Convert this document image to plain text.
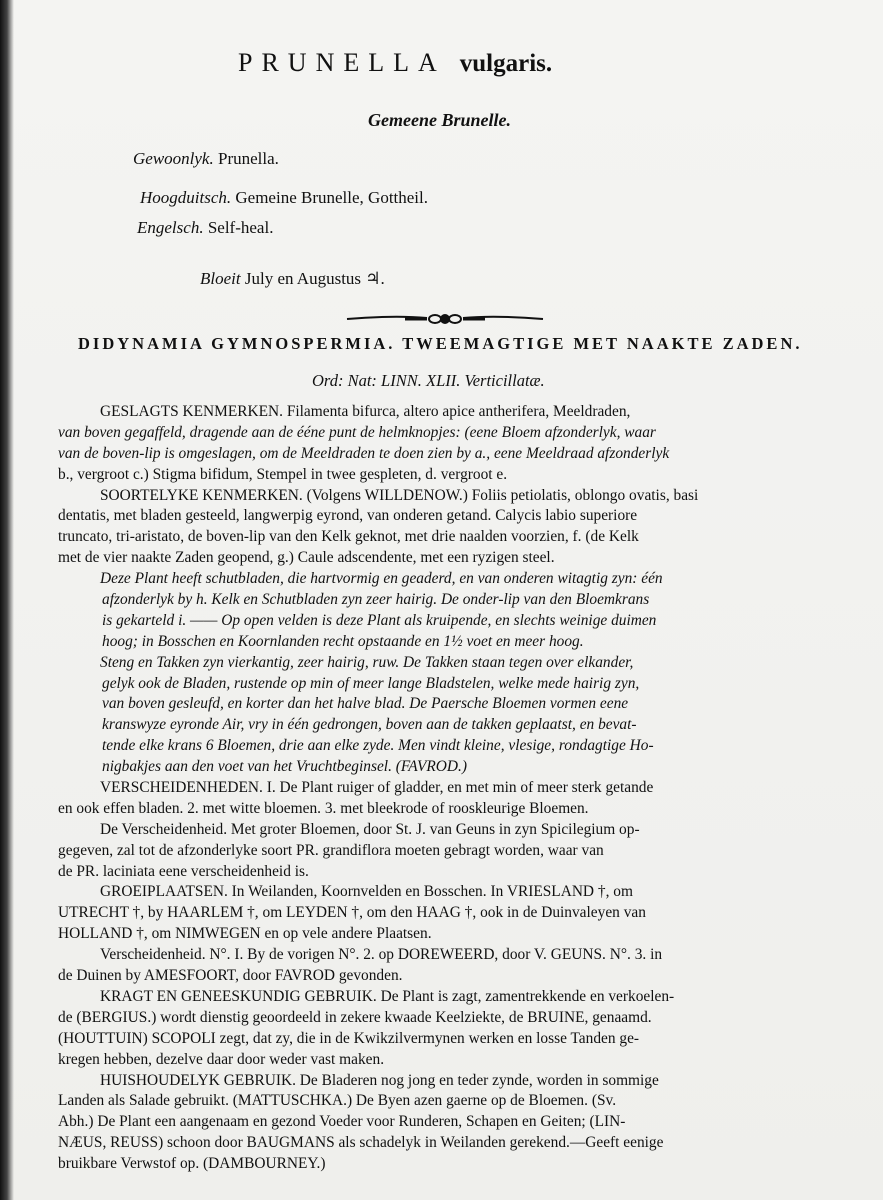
PRUNELLA vulgaris.
Gemeene Brunelle.
Gewoonlyk. Prunella.
Hoogduitsch. Gemeine Brunelle, Gottheil.
Engelsch. Self-heal.
Bloeit July en Augustus ♃.
DIDYNAMIA GYMNOSPERMIA. TWEEMAGTIGE MET NAAKTE ZADEN.
Ord: Nat: LINN. XLII. Verticillatæ.
GESLAGTS KENMERKEN. Filamenta bifurca, altero apice antherifera, Meeldraden,
van boven gegaffeld, dragende aan de ééne punt de helmknopjes: (eene Bloem afzonderlyk, waar
van de boven-lip is omgeslagen, om de Meeldraden te doen zien by a., eene Meeldraad afzonderlyk
b., vergroot c.) Stigma bifidum, Stempel in twee gespleten, d. vergroot e.
SOORTELYKE KENMERKEN. (Volgens WILLDENOW.) Foliis petiolatis, oblongo ovatis, basi
dentatis, met bladen gesteeld, langwerpig eyrond, van onderen getand. Calycis labio superiore
truncato, tri-aristato, de boven-lip van den Kelk geknot, met drie naalden voorzien, f. (de Kelk
met de vier naakte Zaden geopend, g.) Caule adscendente, met een ryzigen steel.
Deze Plant heeft schutbladen, die hartvormig en geaderd, en van onderen witagtig zyn: één
afzonderlyk by h. Kelk en Schutbladen zyn zeer hairig. De onder-lip van den Bloemkrans
is gekarteld i. —— Op open velden is deze Plant als kruipende, en slechts weinige duimen
hoog; in Bosschen en Koornlanden recht opstaande en 1½ voet en meer hoog.
Steng en Takken zyn vierkantig, zeer hairig, ruw. De Takken staan tegen over elkander,
gelyk ook de Bladen, rustende op min of meer lange Bladstelen, welke mede hairig zyn,
van boven gesleufd, en korter dan het halve blad. De Paersche Bloemen vormen eene
kranswyze eyronde Air, vry in één gedrongen, boven aan de takken geplaatst, en bevat-
tende elke krans 6 Bloemen, drie aan elke zyde. Men vindt kleine, vlesige, rondagtige Ho-
nigbakjes aan den voet van het Vruchtbeginsel. (FAVROD.)
VERSCHEIDENHEDEN. I. De Plant ruiger of gladder, en met min of meer sterk getande
en ook effen bladen. 2. met witte bloemen. 3. met bleekrode of rooskleurige Bloemen.
De Verscheidenheid. Met groter Bloemen, door St. J. van Geuns in zyn Spicilegium op-
gegeven, zal tot de afzonderlyke soort PR. grandiflora moeten gebragt worden, waar van
de PR. laciniata eene verscheidenheid is.
GROEIPLAATSEN. In Weilanden, Koornvelden en Bosschen. In VRIESLAND †, om
UTRECHT †, by HAARLEM †, om LEYDEN †, om den HAAG †, ook in de Duinvaleyen van
HOLLAND †, om NIMWEGEN en op vele andere Plaatsen.
Verscheidenheid. N°. I. By de vorigen N°. 2. op DOREWEERD, door V. GEUNS. N°. 3. in
de Duinen by AMESFOORT, door FAVROD gevonden.
KRAGT EN GENEESKUNDIG GEBRUIK. De Plant is zagt, zamentrekkende en verkoelen-
de (BERGIUS.) wordt dienstig geoordeeld in zekere kwaade Keelziekte, de BRUINE, genaamd.
(HOUTTUIN) SCOPOLI zegt, dat zy, die in de Kwikzilvermynen werken en losse Tanden ge-
kregen hebben, dezelve daar door weder vast maken.
HUISHOUDELYK GEBRUIK. De Bladeren nog jong en teder zynde, worden in sommige
Landen als Salade gebruikt. (MATTUSCHKA.) De Byen azen gaerne op de Bloemen. (Sv.
Abh.) De Plant een aangenaam en gezond Voeder voor Runderen, Schapen en Geiten; (LIN-
NÆUS, REUSS) schoon door BAUGMANS als schadelyk in Weilanden gerekend.—Geeft eenige
bruikbare Verwstof op. (DAMBOURNEY.)
